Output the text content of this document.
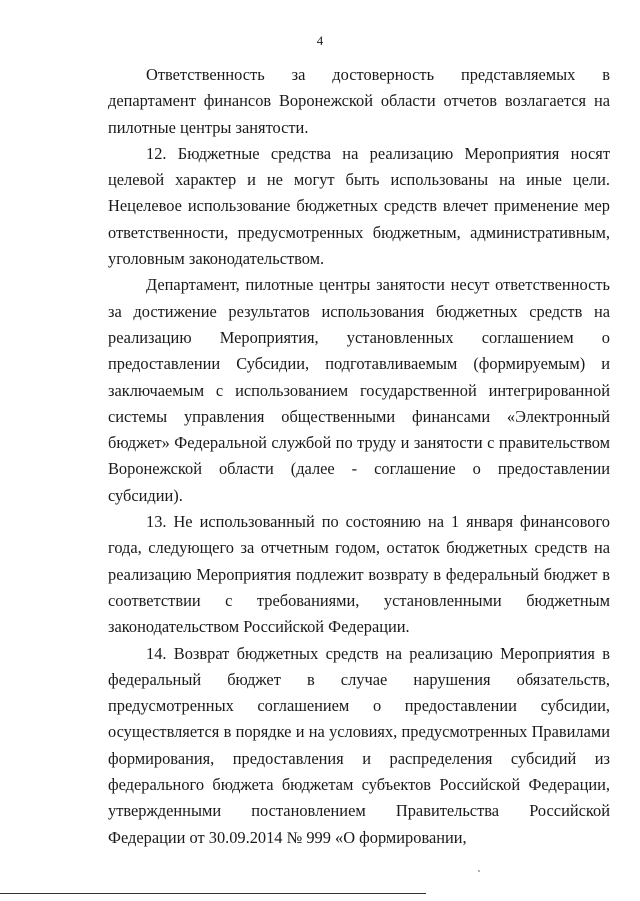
4

Ответственность за достоверность представляемых в департамент финансов Воронежской области отчетов возлагается на пилотные центры занятости.

12. Бюджетные средства на реализацию Мероприятия носят целевой характер и не могут быть использованы на иные цели. Нецелевое использование бюджетных средств влечет применение мер ответственности, предусмотренных бюджетным, административным, уголовным законодательством.

Департамент, пилотные центры занятости несут ответственность за достижение результатов использования бюджетных средств на реализацию Мероприятия, установленных соглашением о предоставлении Субсидии, подготавливаемым (формируемым) и заключаемым с использованием государственной интегрированной системы управления общественными финансами «Электронный бюджет» Федеральной службой по труду и занятости с правительством Воронежской области (далее - соглашение о предоставлении субсидии).

13. Не использованный по состоянию на 1 января финансового года, следующего за отчетным годом, остаток бюджетных средств на реализацию Мероприятия подлежит возврату в федеральный бюджет в соответствии с требованиями, установленными бюджетным законодательством Российской Федерации.

14. Возврат бюджетных средств на реализацию Мероприятия в федеральный бюджет в случае нарушения обязательств, предусмотренных соглашением о предоставлении субсидии, осуществляется в порядке и на условиях, предусмотренных Правилами формирования, предоставления и распределения субсидий из федерального бюджета бюджетам субъектов Российской Федерации, утвержденными постановлением Правительства Российской Федерации от 30.09.2014 № 999 «О формировании,
